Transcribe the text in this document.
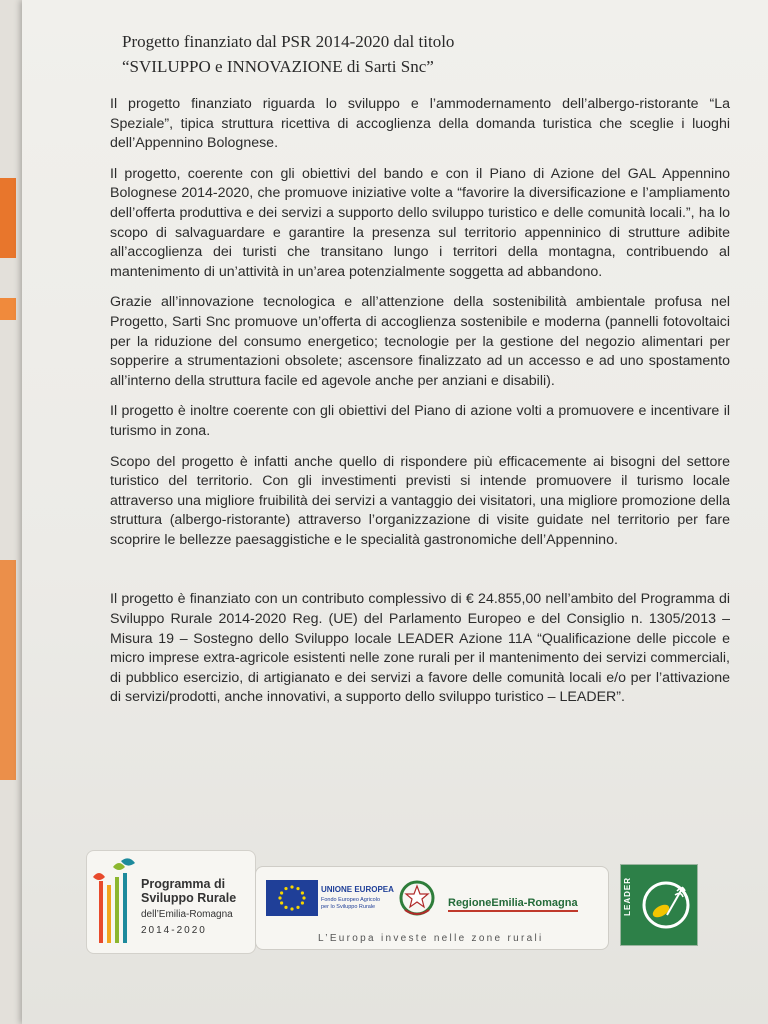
Progetto finanziato dal PSR 2014-2020 dal titolo
“SVILUPPO e INNOVAZIONE di Sarti Snc”

Il progetto finanziato riguarda lo sviluppo e l’ammodernamento dell’albergo-ristorante “La Speziale”, tipica struttura ricettiva di accoglienza della domanda turistica che sceglie i luoghi dell’Appennino Bolognese.

Il progetto, coerente con gli obiettivi del bando e con il Piano di Azione del GAL Appennino Bolognese 2014-2020, che promuove iniziative volte a “favorire la diversificazione e l’ampliamento dell’offerta produttiva e dei servizi a supporto dello sviluppo turistico e delle comunità locali.”, ha lo scopo di salvaguardare e garantire la presenza sul territorio appenninico di strutture adibite all’accoglienza dei turisti che transitano lungo i territori della montagna, contribuendo al mantenimento di un’attività in un’area potenzialmente soggetta ad abbandono.

Grazie all’innovazione tecnologica e all’attenzione della sostenibilità ambientale profusa nel Progetto, Sarti Snc promuove un’offerta di accoglienza sostenibile e moderna (pannelli fotovoltaici per la riduzione del consumo energetico; tecnologie per la gestione del negozio alimentari per sopperire a strumentazioni obsolete; ascensore finalizzato ad un accesso e ad uno spostamento all’interno della struttura facile ed agevole anche per anziani e disabili).

Il progetto è inoltre coerente con gli obiettivi del Piano di azione volti a promuovere e incentivare il turismo in zona.

Scopo del progetto è infatti anche quello di rispondere più efficacemente ai bisogni del settore turistico del territorio. Con gli investimenti previsti si intende promuovere il turismo locale attraverso una migliore fruibilità dei servizi a vantaggio dei visitatori, una migliore promozione della struttura (albergo-ristorante) attraverso l’organizzazione di visite guidate nel territorio per fare scoprire le bellezze paesaggistiche e le specialità gastronomiche dell’Appennino.

Il progetto è finanziato con un contributo complessivo di € 24.855,00 nell’ambito del Programma di Sviluppo Rurale 2014-2020 Reg. (UE) del Parlamento Europeo e del Consiglio n. 1305/2013 – Misura 19 – Sostegno dello Sviluppo locale LEADER Azione 11A “Qualificazione delle piccole e micro imprese extra-agricole esistenti nelle zone rurali per il mantenimento dei servizi commerciali, di pubblico esercizio, di artigianato e dei servizi a favore delle comunità locali e/o per l’attivazione di servizi/prodotti, anche innovativi, a supporto dello sviluppo turistico – LEADER”.

Programma di Sviluppo Rurale
dell’Emilia-Romagna
2014-2020
UNIONE EUROPEA
Fondo Europeo Agricolo per lo Sviluppo Rurale	RegioneEmilia-Romagna
L’Europa investe nelle zone rurali
LEADER
